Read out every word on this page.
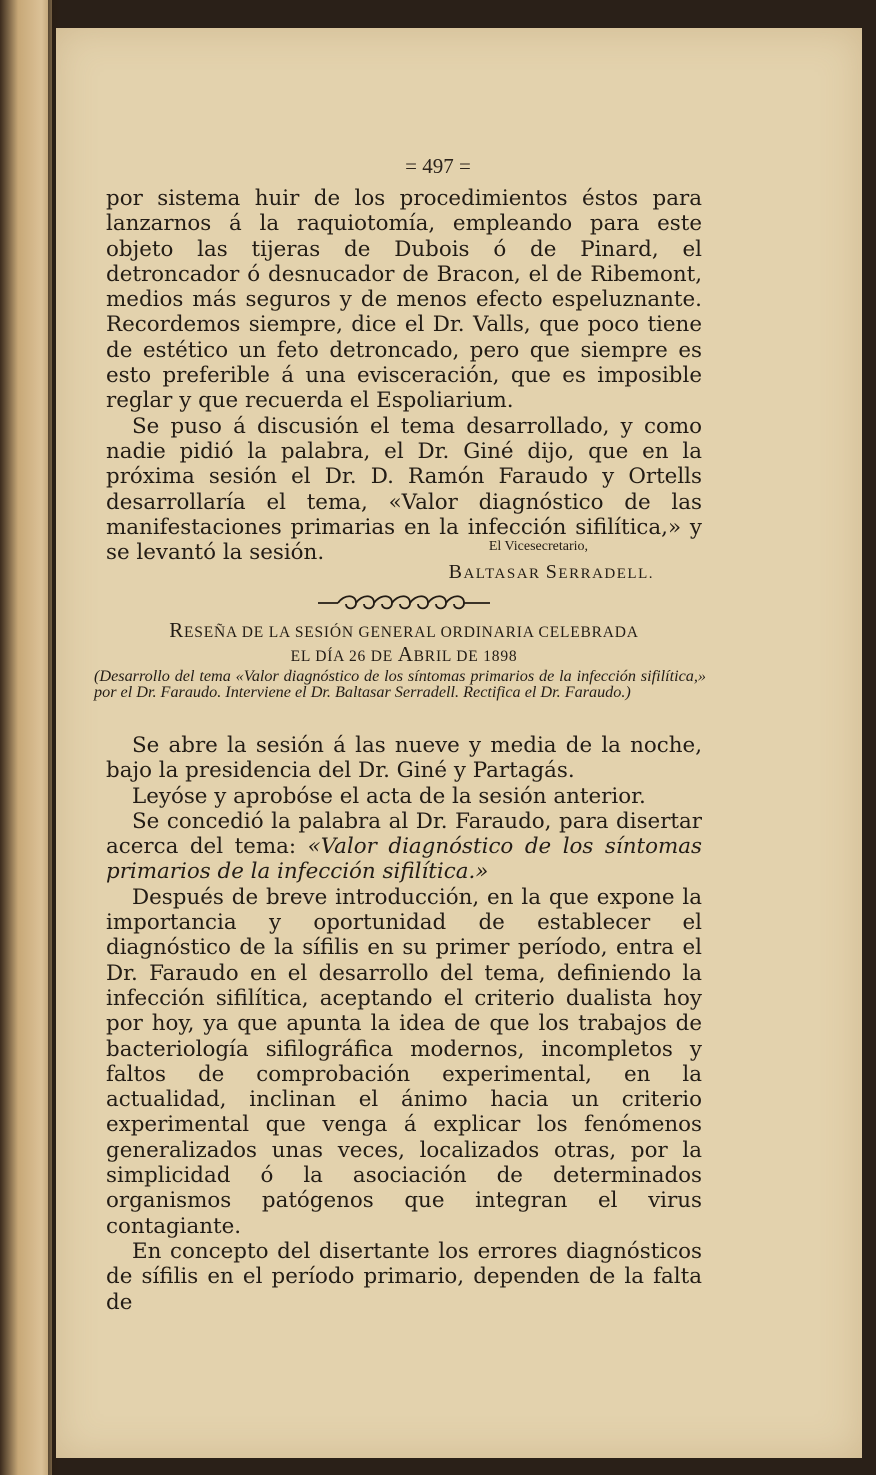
= 497 =

por sistema huir de los procedimientos éstos para lanzarnos á la raquiotomía, empleando para este objeto las tijeras de Dubois ó de Pinard, el detroncador ó desnucador de Bracon, el de Ribemont, medios más seguros y de menos efecto espeluznante. Recordemos siempre, dice el Dr. Valls, que poco tiene de estético un feto detroncado, pero que siempre es esto preferible á una evisceración, que es imposible reglar y que recuerda el Espoliarium.

Se puso á discusión el tema desarrollado, y como nadie pidió la palabra, el Dr. Giné dijo, que en la próxima sesión el Dr. D. Ramón Faraudo y Ortells desarrollaría el tema, «Valor diagnóstico de las manifestaciones primarias en la infección sifilítica,» y se levantó la sesión.	El Vicesecretario,
BALTASAR SERRADELL.
RESEÑA DE LA SESIÓN GENERAL ORDINARIA CELEBRADA
EL DÍA 26 DE ABRIL DE 1898

(Desarrollo del tema «Valor diagnóstico de los síntomas primarios de la infección sifilítica,» por el Dr. Faraudo. Interviene el Dr. Baltasar Serradell. Rectifica el Dr. Faraudo.)

Se abre la sesión á las nueve y media de la noche, bajo la presidencia del Dr. Giné y Partagás.

Leyóse y aprobóse el acta de la sesión anterior.

Se concedió la palabra al Dr. Faraudo, para disertar acerca del tema: «Valor diagnóstico de los síntomas primarios de la infección sifilítica.»

Después de breve introducción, en la que expone la importancia y oportunidad de establecer el diagnóstico de la sífilis en su primer período, entra el Dr. Faraudo en el desarrollo del tema, definiendo la infección sifilítica, aceptando el criterio dualista hoy por hoy, ya que apunta la idea de que los trabajos de bacteriología sifilográfica modernos, incompletos y faltos de comprobación experimental, en la actualidad, inclinan el ánimo hacia un criterio experimental que venga á explicar los fenómenos generalizados unas veces, localizados otras, por la simplicidad ó la asociación de determinados organismos patógenos que integran el virus contagiante.

En concepto del disertante los errores diagnósticos de sífilis en el período primario, dependen de la falta de
